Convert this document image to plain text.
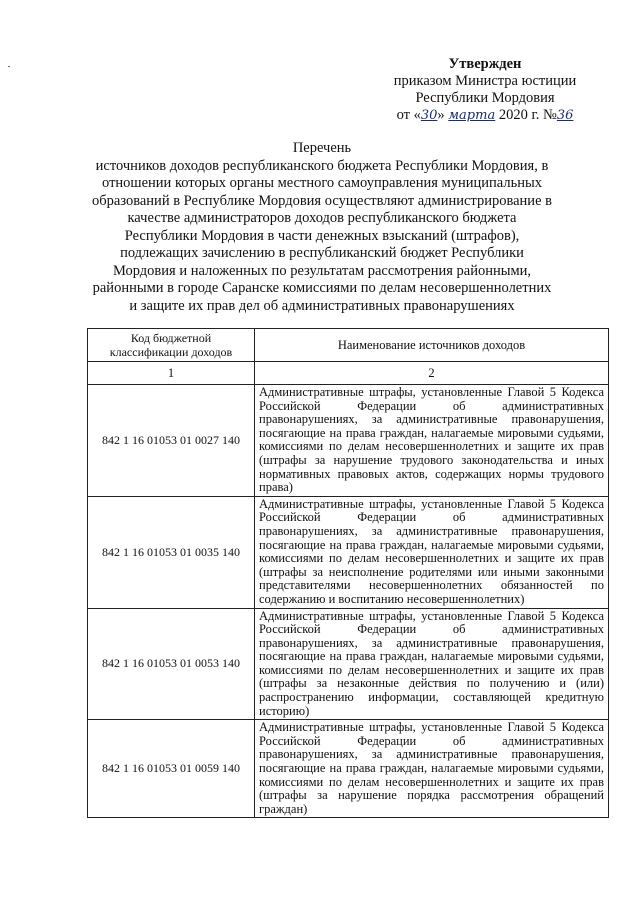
Утвержден
приказом Министра юстиции
Республики Мордовия
от «30» марта 2020 г. №36
Перечень
источников доходов республиканского бюджета Республики Мордовия, в отношении которых органы местного самоуправления муниципальных образований в Республике Мордовия осуществляют администрирование в качестве администраторов доходов республиканского бюджета Республики Мордовия в части денежных взысканий (штрафов), подлежащих зачислению в республиканский бюджет Республики Мордовия и наложенных по результатам рассмотрения районными, районными в городе Саранске комиссиями по делам несовершеннолетних и защите их прав дел об административных правонарушениях
Код бюджетной классификации доходов	Наименование источников доходов
1	2
842 1 16 01053 01 0027 140	Административные штрафы, установленные Главой 5 Кодекса Российской Федерации об административных правонарушениях, за административные правонарушения, посягающие на права граждан, налагаемые мировыми судьями, комиссиями по делам несовершеннолетних и защите их прав (штрафы за нарушение трудового законодательства и иных нормативных правовых актов, содержащих нормы трудового права)
842 1 16 01053 01 0035 140	Административные штрафы, установленные Главой 5 Кодекса Российской Федерации об административных правонарушениях, за административные правонарушения, посягающие на права граждан, налагаемые мировыми судьями, комиссиями по делам несовершеннолетних и защите их прав (штрафы за неисполнение родителями или иными законными представителями несовершеннолетних обязанностей по содержанию и воспитанию несовершеннолетних)
842 1 16 01053 01 0053 140	Административные штрафы, установленные Главой 5 Кодекса Российской Федерации об административных правонарушениях, за административные правонарушения, посягающие на права граждан, налагаемые мировыми судьями, комиссиями по делам несовершеннолетних и защите их прав (штрафы за незаконные действия по получению и (или) распространению информации, составляющей кредитную историю)
842 1 16 01053 01 0059 140	Административные штрафы, установленные Главой 5 Кодекса Российской Федерации об административных правонарушениях, за административные правонарушения, посягающие на права граждан, налагаемые мировыми судьями, комиссиями по делам несовершеннолетних и защите их прав (штрафы за нарушение порядка рассмотрения обращений граждан)
